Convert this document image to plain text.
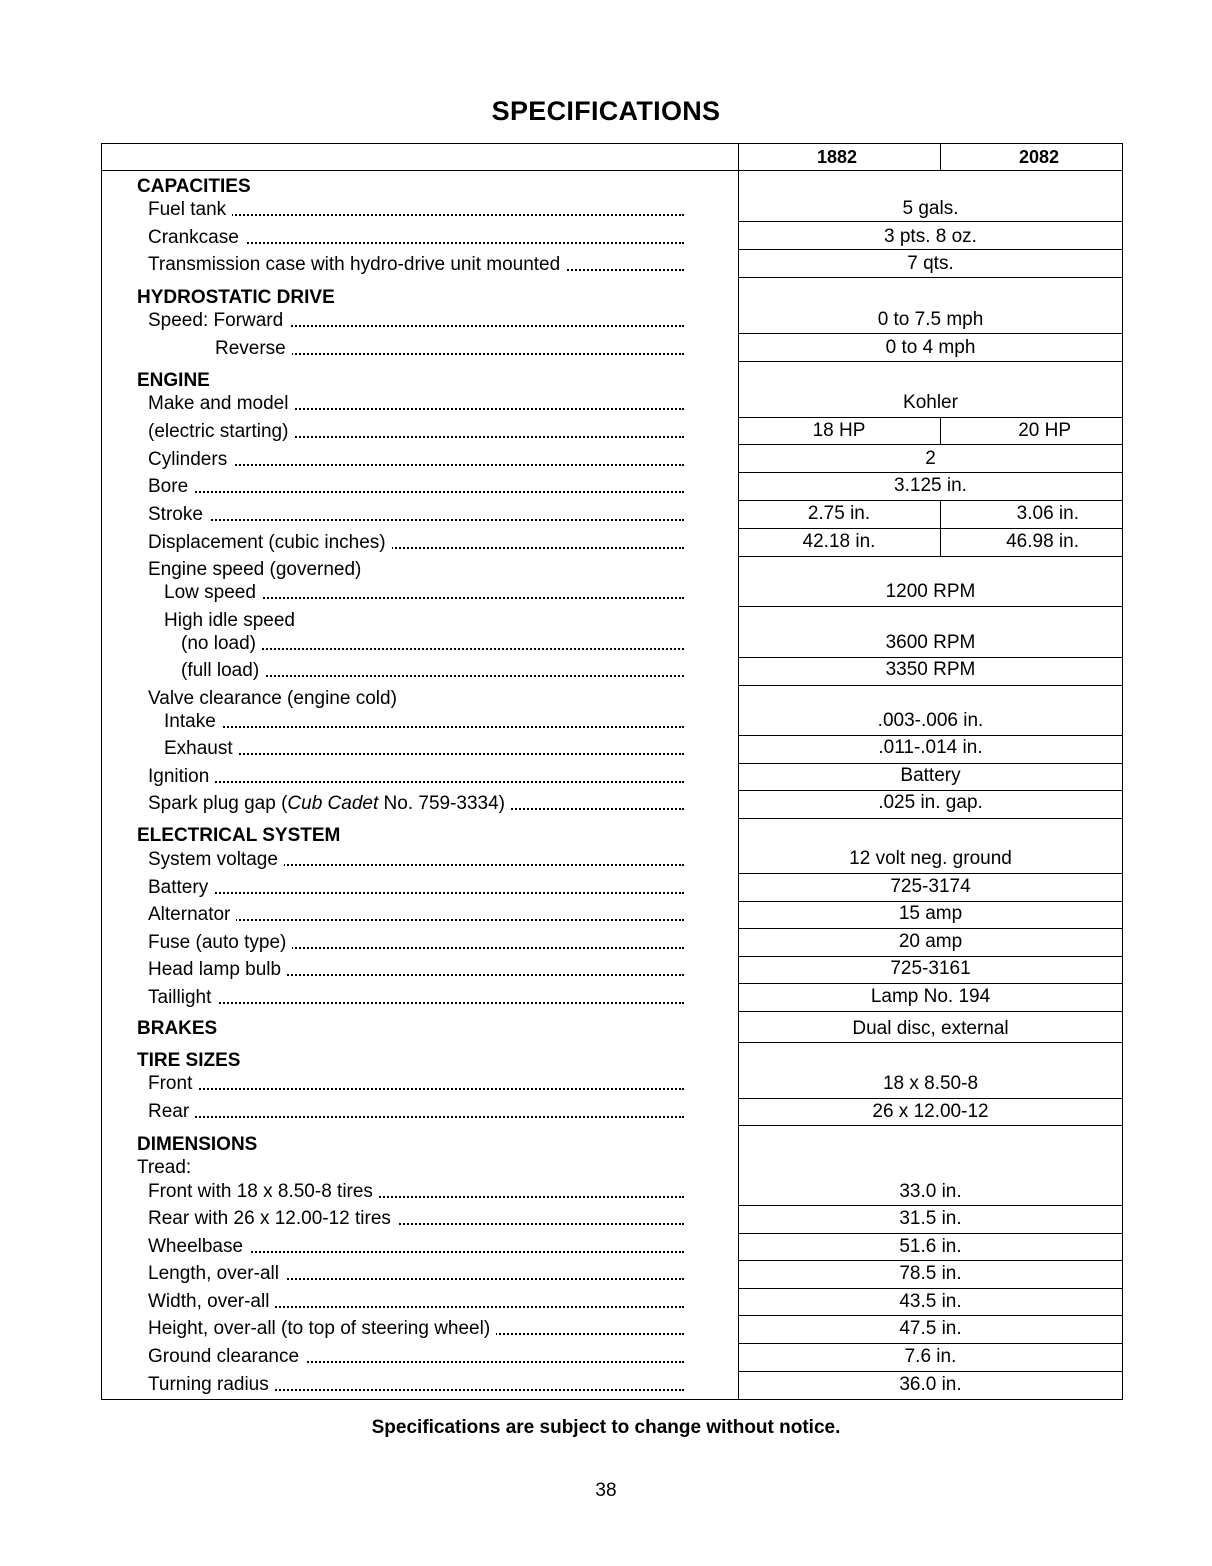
SPECIFICATIONS
1882	2082
CAPACITIES
Fuel tank	5 gals.
Crankcase	3 pts. 8 oz.
Transmission case with hydro-drive unit mounted	7 qts.
HYDROSTATIC DRIVE
Speed: Forward	0 to 7.5 mph
Reverse	0 to 4 mph
ENGINE
Make and model	Kohler
(electric starting)	18 HP	20 HP
Cylinders	2
Bore	3.125 in.
Stroke	2.75 in.	3.06 in.
Displacement (cubic inches)	42.18 in.	46.98 in.
Engine speed (governed)
Low speed	1200 RPM
High idle speed
(no load)	3600 RPM
(full load)	3350 RPM
Valve clearance (engine cold)
Intake	.003-.006 in.
Exhaust	.011-.014 in.
Ignition	Battery
Spark plug gap (Cub Cadet No. 759-3334)	.025 in. gap.
ELECTRICAL SYSTEM
System voltage	12 volt neg. ground
Battery	725-3174
Alternator	15 amp
Fuse (auto type)	20 amp
Head lamp bulb	725-3161
Taillight	Lamp No. 194
BRAKES	Dual disc, external
TIRE SIZES
Front	18 x 8.50-8
Rear	26 x 12.00-12
DIMENSIONS
Tread:
Front with 18 x 8.50-8 tires	33.0 in.
Rear with 26 x 12.00-12 tires	31.5 in.
Wheelbase	51.6 in.
Length, over-all	78.5 in.
Width, over-all	43.5 in.
Height, over-all (to top of steering wheel)	47.5 in.
Ground clearance	7.6 in.
Turning radius	36.0 in.
Specifications are subject to change without notice.
38
